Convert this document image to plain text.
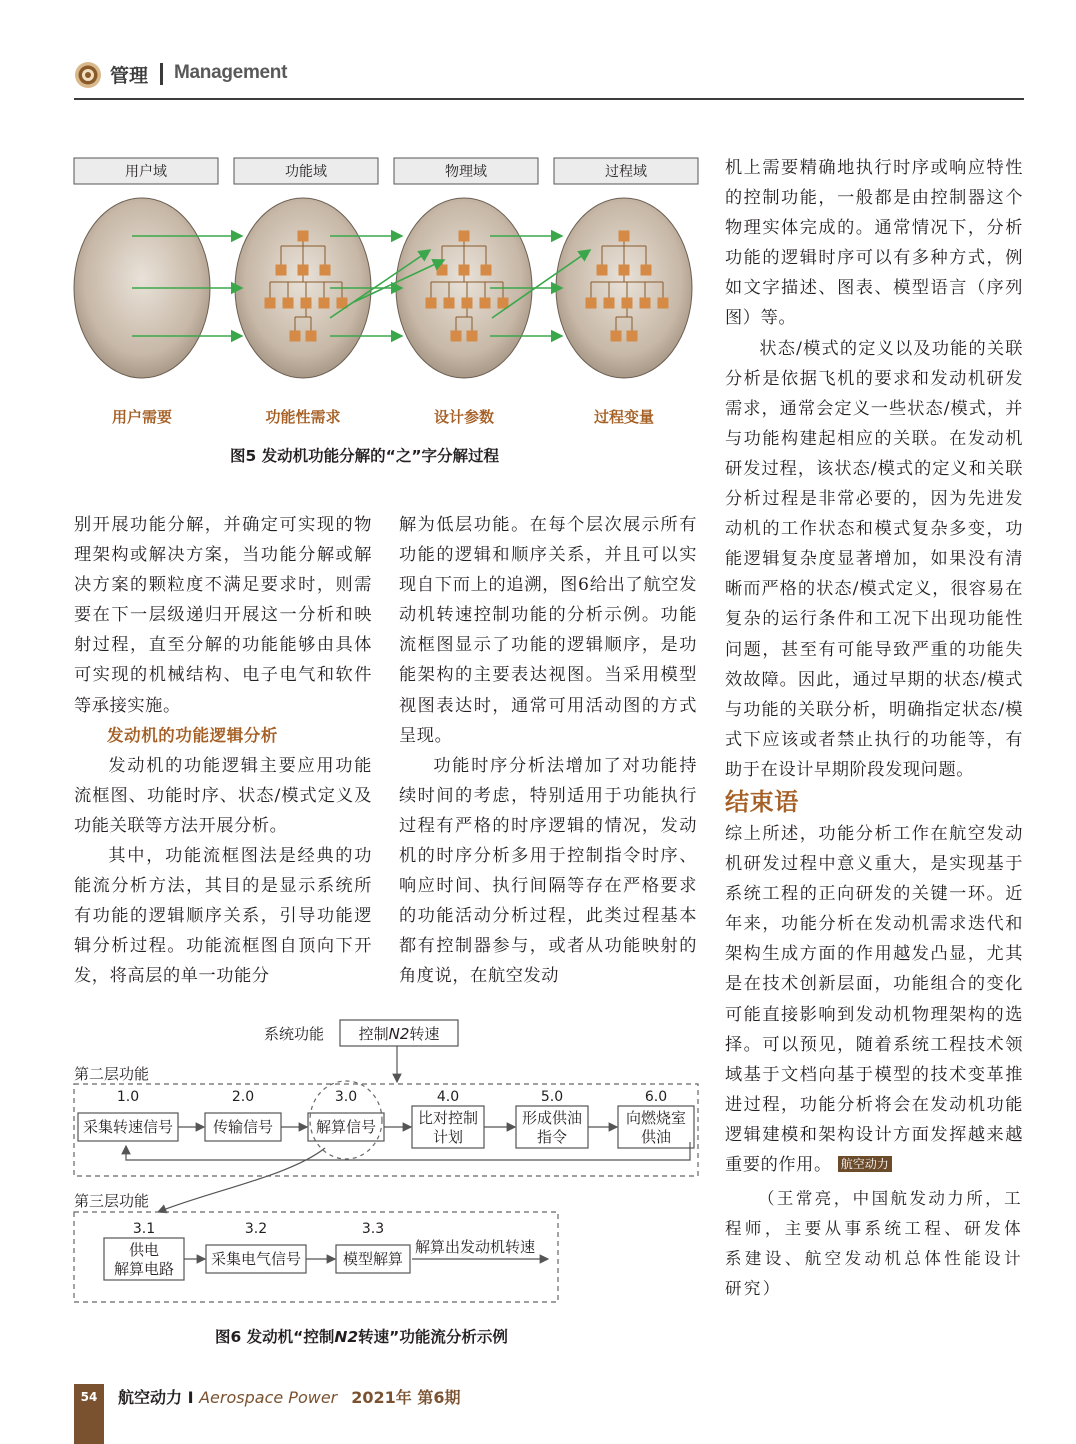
管理 Management
用户域	功能域	物理域	过程域
用户需要	功能性需求	设计参数	过程变量
图5 发动机功能分解的“之”字分解过程

别开展功能分解，并确定可实现的物理架构或解决方案，当功能分解或解决方案的颗粒度不满足要求时，则需要在下一层级递归开展这一分析和映射过程，直至分解的功能能够由具体可实现的机械结构、电子电气和软件等承接实施。

发动机的功能逻辑分析

发动机的功能逻辑主要应用功能流框图、功能时序、状态/模式定义及功能关联等方法开展分析。

其中，功能流框图法是经典的功能流分析方法，其目的是显示系统所有功能的逻辑顺序关系，引导功能逻辑分析过程。功能流框图自顶向下开发，将高层的单一功能分

解为低层功能。在每个层次展示所有功能的逻辑和顺序关系，并且可以实现自下而上的追溯，图6给出了航空发动机转速控制功能的分析示例。功能流框图显示了功能的逻辑顺序，是功能架构的主要表达视图。当采用模型视图表达时，通常可用活动图的方式呈现。

功能时序分析法增加了对功能持续时间的考虑，特别适用于功能执行过程有严格的时序逻辑的情况，发动机的时序分析多用于控制指令时序、响应时间、执行间隔等存在严格要求的功能活动分析过程，此类过程基本都有控制器参与，或者从功能映射的角度说，在航空发动

机上需要精确地执行时序或响应特性的控制功能，一般都是由控制器这个物理实体完成的。通常情况下，分析功能的逻辑时序可以有多种方式，例如文字描述、图表、模型语言（序列图）等。

状态/模式的定义以及功能的关联分析是依据飞机的要求和发动机研发需求，通常会定义一些状态/模式，并与功能构建起相应的关联。在发动机研发过程，该状态/模式的定义和关联分析过程是非常必要的，因为先进发动机的工作状态和模式复杂多变，功能逻辑复杂度显著增加，如果没有清晰而严格的状态/模式定义，很容易在复杂的运行条件和工况下出现功能性问题，甚至有可能导致严重的功能失效故障。因此，通过早期的状态/模式与功能的关联分析，明确指定状态/模式下应该或者禁止执行的功能等，有助于在设计早期阶段发现问题。

结束语

综上所述，功能分析工作在航空发动机研发过程中意义重大，是实现基于系统工程的正向研发的关键一环。近年来，功能分析在发动机需求迭代和架构生成方面的作用越发凸显，尤其是在技术创新层面，功能组合的变化可能直接影响到发动机物理架构的选择。可以预见，随着系统工程技术领域基于文档向基于模型的技术变革推进过程，功能分析将会在发动机功能逻辑建模和架构设计方面发挥越来越重要的作用。 航空动力

（王常亮，中国航发动力所，工程师，主要从事系统工程、研发体系建设、航空发动机总体性能设计研究）

系统功能 控制N2转速
第二层功能
1.0
采集转速信号
2.0
传输信号
3.0
解算信号
4.0
比对控制
计划
5.0
形成供油
指令
6.0
向燃烧室
供油
第三层功能
3.1
供电
解算电路
3.2
采集电气信号
3.3
模型解算
解算出发动机转速
图6 发动机“控制N2转速”功能流分析示例
54	航空动力 I Aerospace Power 2021年 第6期
